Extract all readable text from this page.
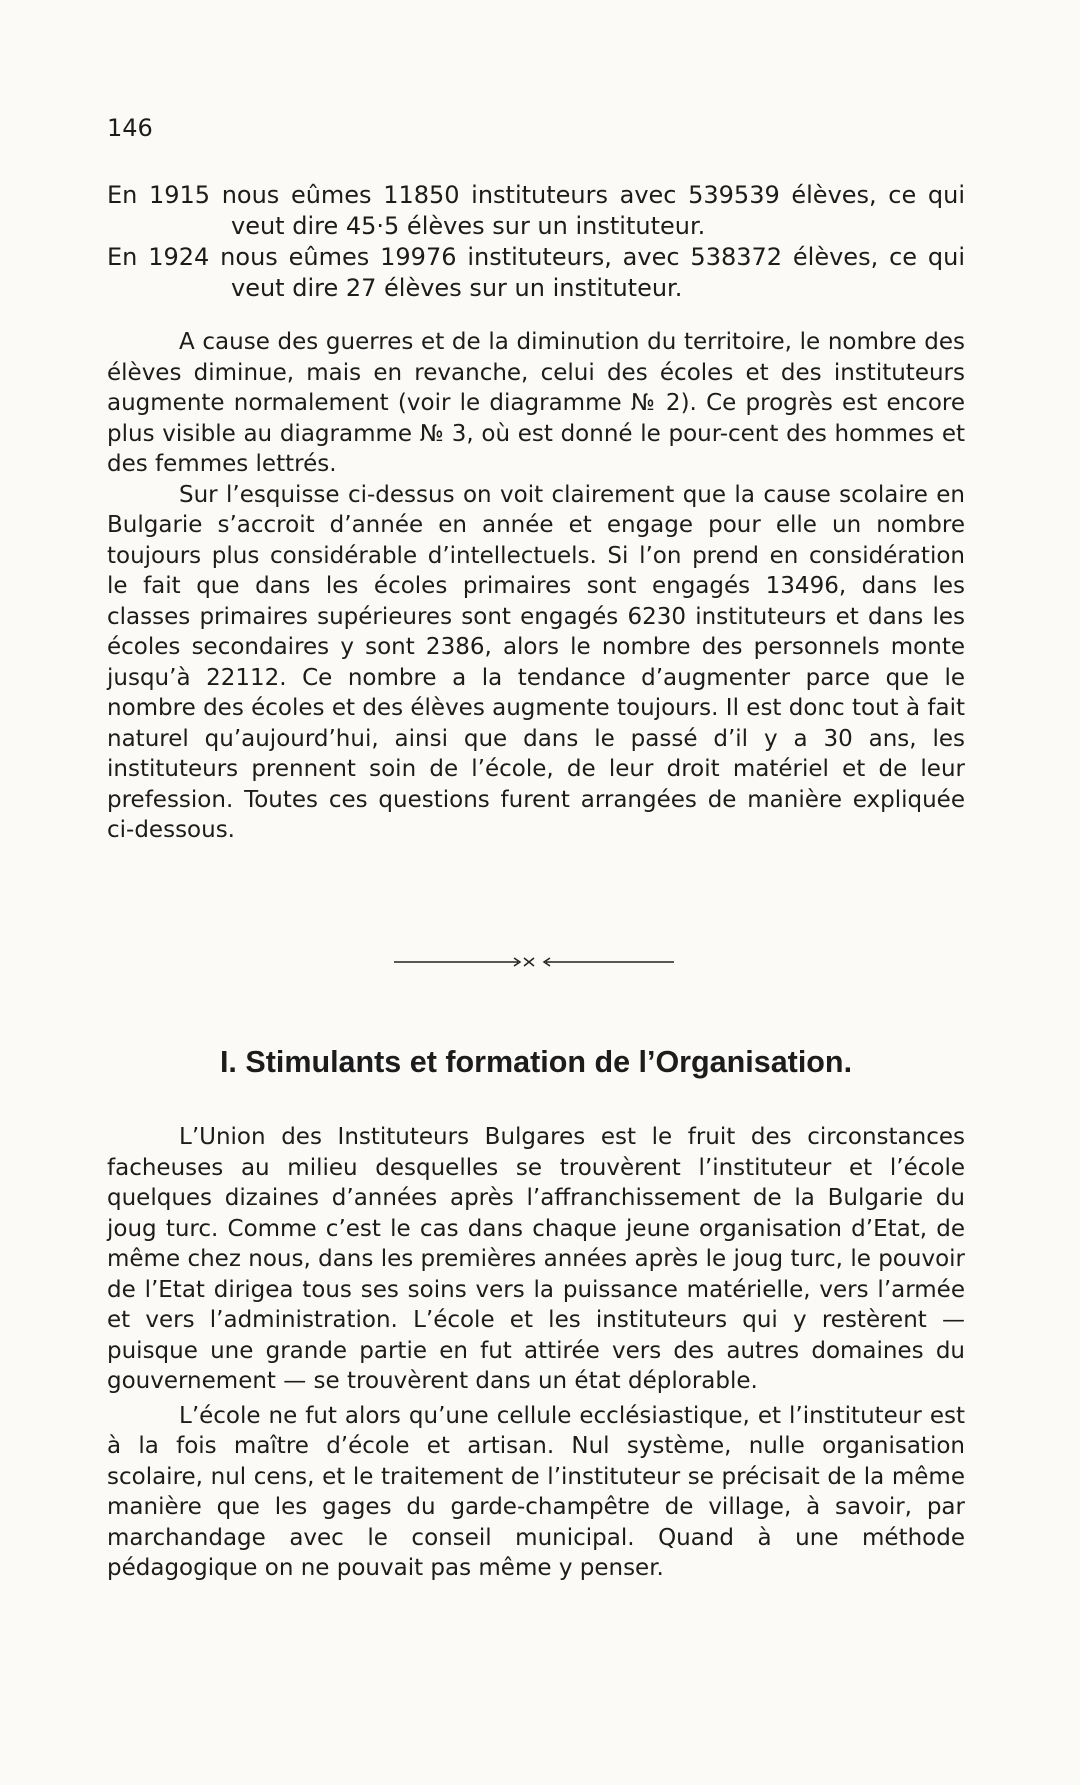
146

En 1915 nous eûmes 11850 instituteurs avec 539539 élèves, ce qui veut dire 45·5 élèves sur un instituteur.

En 1924 nous eûmes 19976 instituteurs, avec 538372 élèves, ce qui veut dire 27 élèves sur un instituteur.

A cause des guerres et de la diminution du territoire, le nombre des élèves diminue, mais en revanche, celui des écoles et des instituteurs augmente normalement (voir le diagramme № 2). Ce progrès est encore plus visible au diagramme № 3, où est donné le pour-cent des hommes et des femmes lettrés.

Sur l’esquisse ci-dessus on voit clairement que la cause scolaire en Bulgarie s’accroit d’année en année et engage pour elle un nombre toujours plus considérable d’intellectuels. Si l’on prend en considération le fait que dans les écoles primaires sont engagés 13496, dans les classes primaires supérieures sont engagés 6230 instituteurs et dans les écoles secondaires y sont 2386, alors le nombre des personnels monte jusqu’à 22112. Ce nombre a la tendance d’augmenter parce que le nombre des écoles et des élèves augmente toujours. Il est donc tout à fait naturel qu’aujourd’hui, ainsi que dans le passé d’il y a 30 ans, les instituteurs prennent soin de l’école, de leur droit matériel et de leur prefession. Toutes ces questions furent arrangées de manière expliquée ci-dessous.

I. Stimulants et formation de l’Organisation.

L’Union des Instituteurs Bulgares est le fruit des circonstances facheuses au milieu desquelles se trouvèrent l’instituteur et l’école quelques dizaines d’années après l’affranchissement de la Bulgarie du joug turc. Comme c’est le cas dans chaque jeune organisation d’Etat, de même chez nous, dans les premières années après le joug turc, le pouvoir de l’Etat dirigea tous ses soins vers la puissance matérielle, vers l’armée et vers l’administration. L’école et les instituteurs qui y restèrent — puisque une grande partie en fut attirée vers des autres domaines du gouvernement — se trouvèrent dans un état déplorable.

L’école ne fut alors qu’une cellule ecclésiastique, et l’instituteur est à la fois maître d’école et artisan. Nul système, nulle organisation scolaire, nul cens, et le traitement de l’instituteur se précisait de la même manière que les gages du garde-champêtre de village, à savoir, par marchandage avec le conseil municipal. Quand à une méthode pédagogique on ne pouvait pas même y penser.
